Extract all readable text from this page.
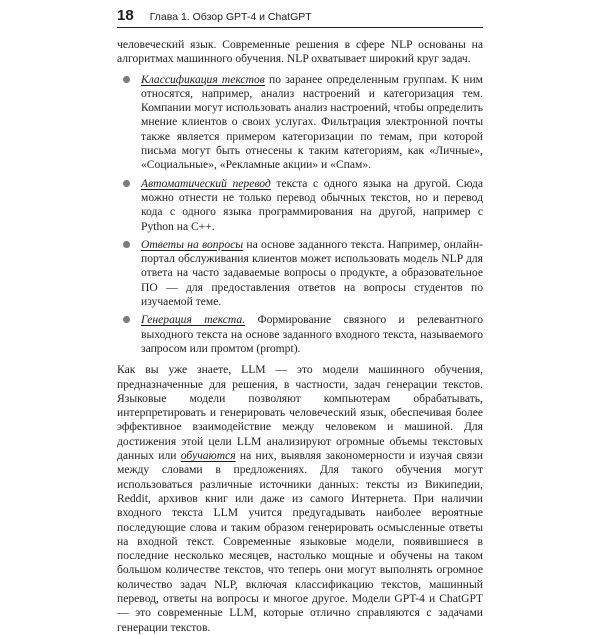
18 Глава 1. Обзор GPT-4 и ChatGPT

человеческий язык. Современные решения в сфере NLP основаны на алгоритмах машинного обучения. NLP охватывает широкий круг задач.

Классификация текстов по заранее определенным группам. К ним относятся, например, анализ настроений и категоризация тем. Компании могут использовать анализ настроений, чтобы определить мнение клиентов о своих услугах. Фильтрация электронной почты также является примером категоризации по темам, при которой письма могут быть отнесены к таким категориям, как «Личные», «Социальные», «Рекламные акции» и «Спам».
Автоматический перевод текста с одного языка на другой. Сюда можно отнести не только перевод обычных текстов, но и перевод кода с одного языка программирования на другой, например с Python на C++.
Ответы на вопросы на основе заданного текста. Например, онлайн-портал обслуживания клиентов может использовать модель NLP для ответа на часто задаваемые вопросы о продукте, а образовательное ПО — для предоставления ответов на вопросы студентов по изучаемой теме.
Генерация текста. Формирование связного и релевантного выходного текста на основе заданного входного текста, называемого запросом или промтом (prompt).

Как вы уже знаете, LLM — это модели машинного обучения, предназначенные для решения, в частности, задач генерации текстов. Языковые модели позволяют компьютерам обрабатывать, интерпретировать и генерировать человеческий язык, обеспечивая более эффективное взаимодействие между человеком и машиной. Для достижения этой цели LLM анализируют огромные объемы текстовых данных или обучаются на них, выявляя закономерности и изучая связи между словами в предложениях. Для такого обучения могут использоваться различные источники данных: тексты из Википедии, Reddit, архивов книг или даже из самого Интернета. При наличии входного текста LLM учится предугадывать наиболее вероятные последующие слова и таким образом генерировать осмысленные ответы на входной текст. Современные языковые модели, появившиеся в последние несколько месяцев, настолько мощные и обучены на таком большом количестве текстов, что теперь они могут выполнять огромное количество задач NLP, включая классификацию текстов, машинный перевод, ответы на вопросы и многое другое. Модели GPT-4 и ChatGPT — это современные LLM, которые отлично справляются с задачами генерации текстов.
